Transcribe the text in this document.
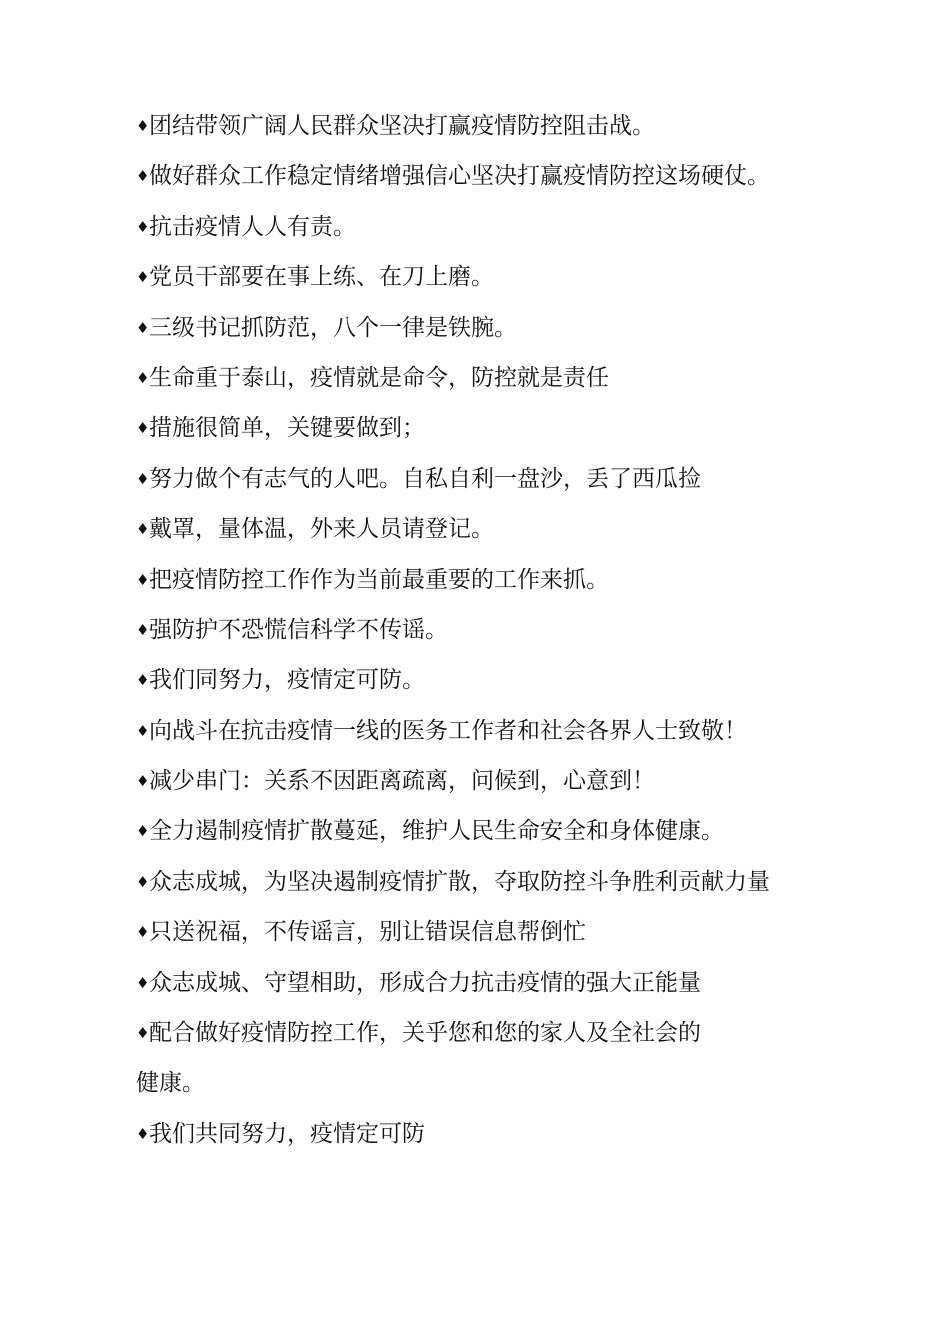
♦ 团结带领广阔人民群众坚决打赢疫情防控阻击战。
♦ 做好群众工作稳定情绪增强信心坚决打赢疫情防控这场硬仗。
♦ 抗击疫情人人有责。
♦ 党员干部要在事上练、在刀上磨。
♦ 三级书记抓防范，八个一律是铁腕。
♦ 生命重于泰山，疫情就是命令，防控就是责任
♦ 措施很简单，关键要做到；
♦ 努力做个有志气的人吧。自私自利一盘沙，丢了西瓜捡
♦ 戴罩，量体温，外来人员请登记。
♦ 把疫情防控工作作为当前最重要的工作来抓。
♦ 强防护不恐慌信科学不传谣。
♦ 我们同努力，疫情定可防。
♦ 向战斗在抗击疫情一线的医务工作者和社会各界人士致敬！
♦ 减少串门：关系不因距离疏离，问候到，心意到！
♦ 全力遏制疫情扩散蔓延，维护人民生命安全和身体健康。
♦ 众志成城，为坚决遏制疫情扩散，夺取防控斗争胜利贡献力量
♦ 只送祝福，不传谣言，别让错误信息帮倒忙
♦ 众志成城、守望相助，形成合力抗击疫情的强大正能量
♦ 配合做好疫情防控工作，关乎您和您的家人及全社会的
健康。
♦ 我们共同努力，疫情定可防
